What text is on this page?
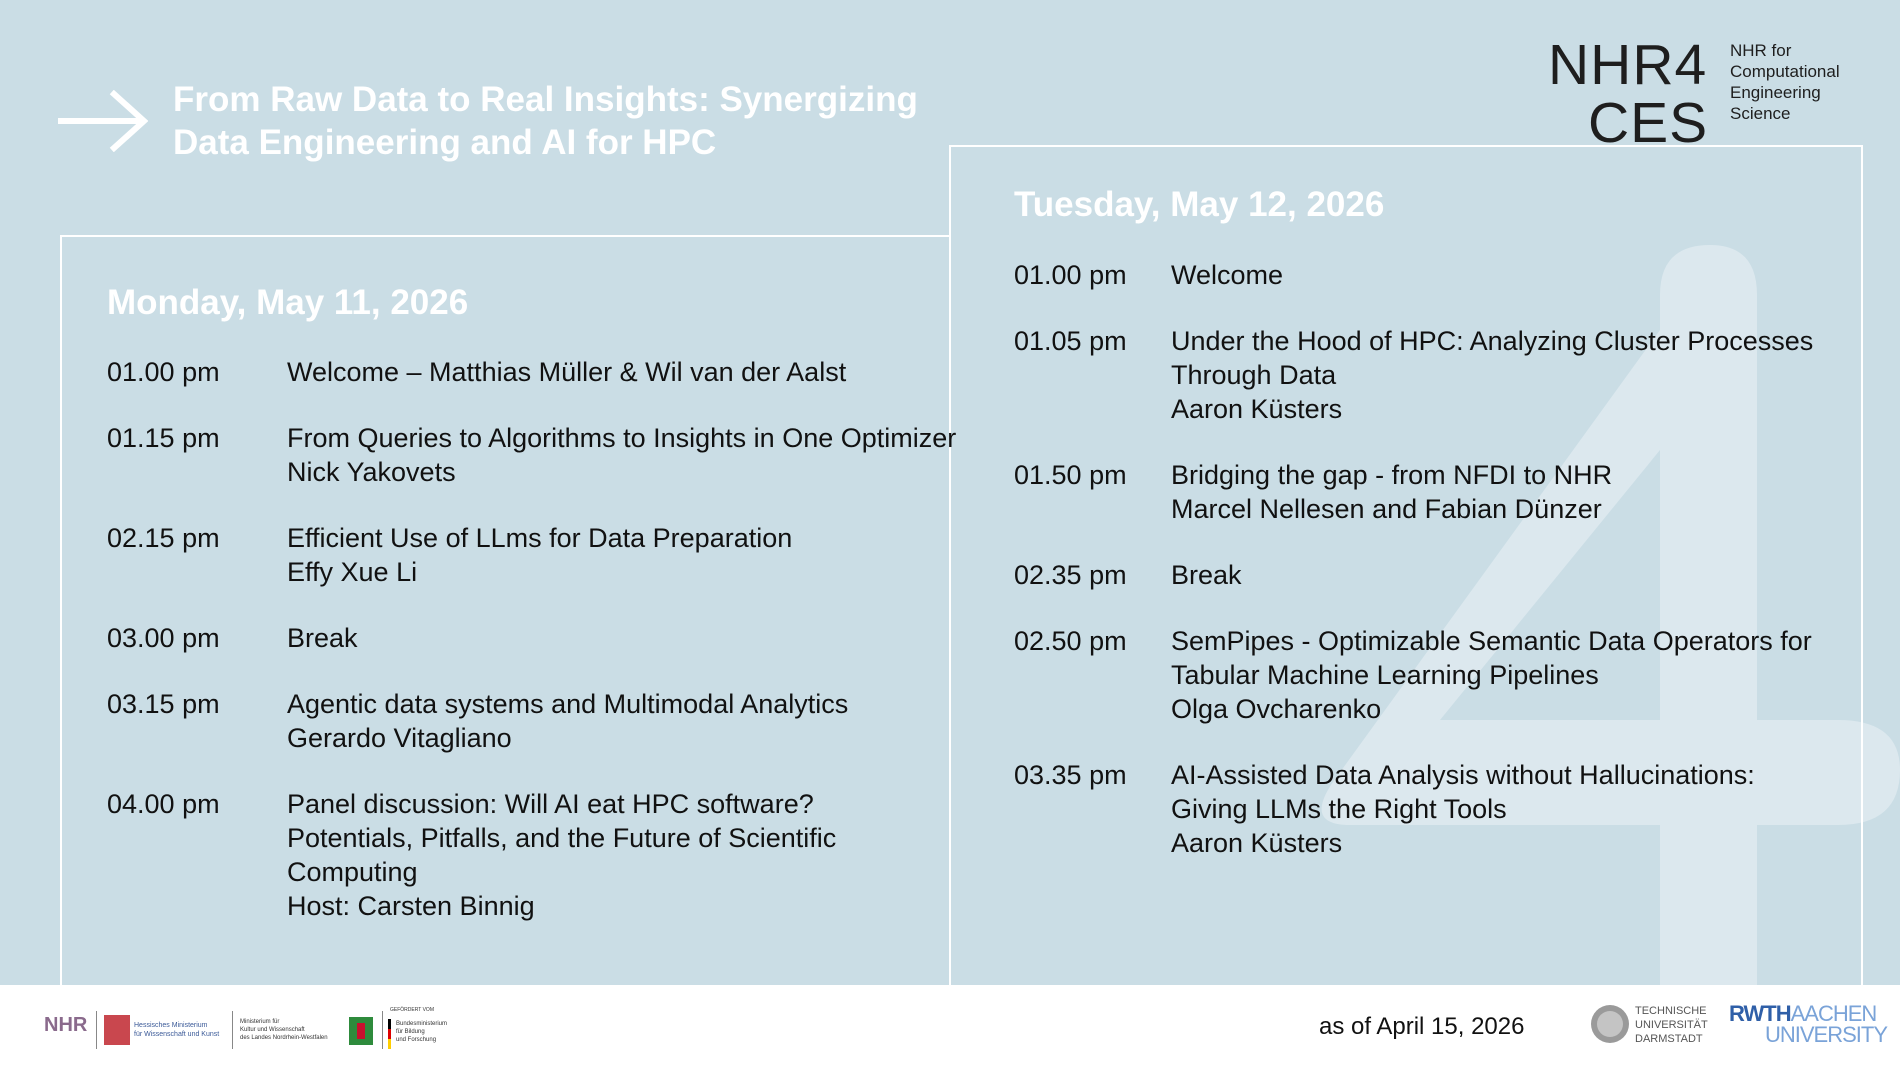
From Raw Data to Real Insights: Synergizing
Data Engineering and AI for HPC
NHR4
CES
NHR for
Computational
Engineering
Science
Monday, May 11, 2026
Tuesday, May 12, 2026
01.00 pm Welcome – Matthias Müller & Wil van der Aalst
01.15 pm From Queries to Algorithms to Insights in One Optimizer
Nick Yakovets
02.15 pm Efficient Use of LLms for Data Preparation
Effy Xue Li
03.00 pm Break
03.15 pm Agentic data systems and Multimodal Analytics
Gerardo Vitagliano
04.00 pm Panel discussion: Will AI eat HPC software?
Potentials, Pitfalls, and the Future of Scientific
Computing
Host: Carsten Binnig
01.00 pm Welcome
01.05 pm Under the Hood of HPC: Analyzing Cluster Processes
Through Data
Aaron Küsters
01.50 pm Bridging the gap - from NFDI to NHR
Marcel Nellesen and Fabian Dünzer
02.35 pm Break
02.50 pm SemPipes - Optimizable Semantic Data Operators for
Tabular Machine Learning Pipelines
Olga Ovcharenko
03.35 pm AI-Assisted Data Analysis without Hallucinations:
Giving LLMs the Right Tools
Aaron Küsters
NHR	Hessisches Ministerium
für Wissenschaft und Kunst
Ministerium für
Kultur und Wissenschaft
des Landes Nordrhein-Westfalen
GEFÖRDERT VOM
Bundesministerium
für Bildung
und Forschung	as of April 15, 2026
TECHNISCHE
UNIVERSITÄT
DARMSTADT
RWTHAACHEN
UNIVERSITY
